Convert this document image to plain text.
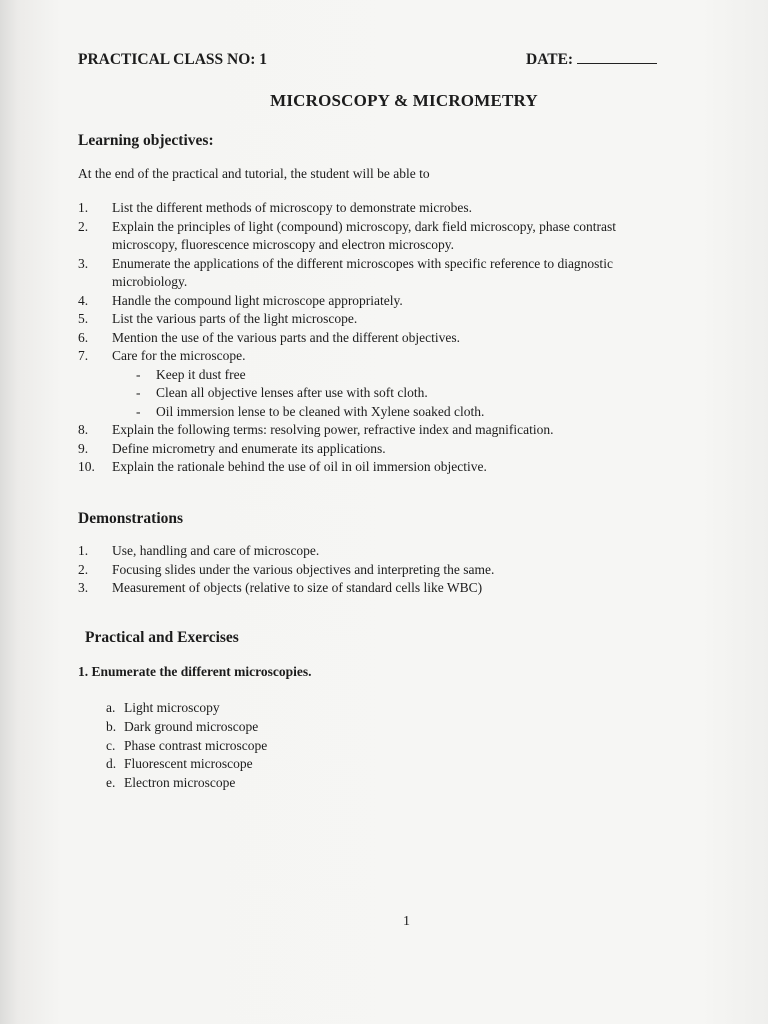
PRACTICAL CLASS NO: 1	DATE:
MICROSCOPY & MICROMETRY
Learning objectives:
At the end of the practical and tutorial, the student will be able to
1. List the different methods of microscopy to demonstrate microbes.
2. Explain the principles of light (compound) microscopy, dark field microscopy, phase contrast microscopy, fluorescence microscopy and electron microscopy.
3. Enumerate the applications of the different microscopes with specific reference to diagnostic microbiology.
4. Handle the compound light microscope appropriately.
5. List the various parts of the light microscope.
6. Mention the use of the various parts and the different objectives.
7. Care for the microscope.
- Keep it dust free
- Clean all objective lenses after use with soft cloth.
- Oil immersion lense to be cleaned with Xylene soaked cloth.
8. Explain the following terms: resolving power, refractive index and magnification.
9. Define micrometry and enumerate its applications.
10. Explain the rationale behind the use of oil in oil immersion objective.
Demonstrations
1. Use, handling and care of microscope.
2. Focusing slides under the various objectives and interpreting the same.
3. Measurement of objects (relative to size of standard cells like WBC)
Practical and Exercises
1. Enumerate the different microscopies.
a. Light microscopy
b. Dark ground microscope
c. Phase contrast microscope
d. Fluorescent microscope
e. Electron microscope
1
